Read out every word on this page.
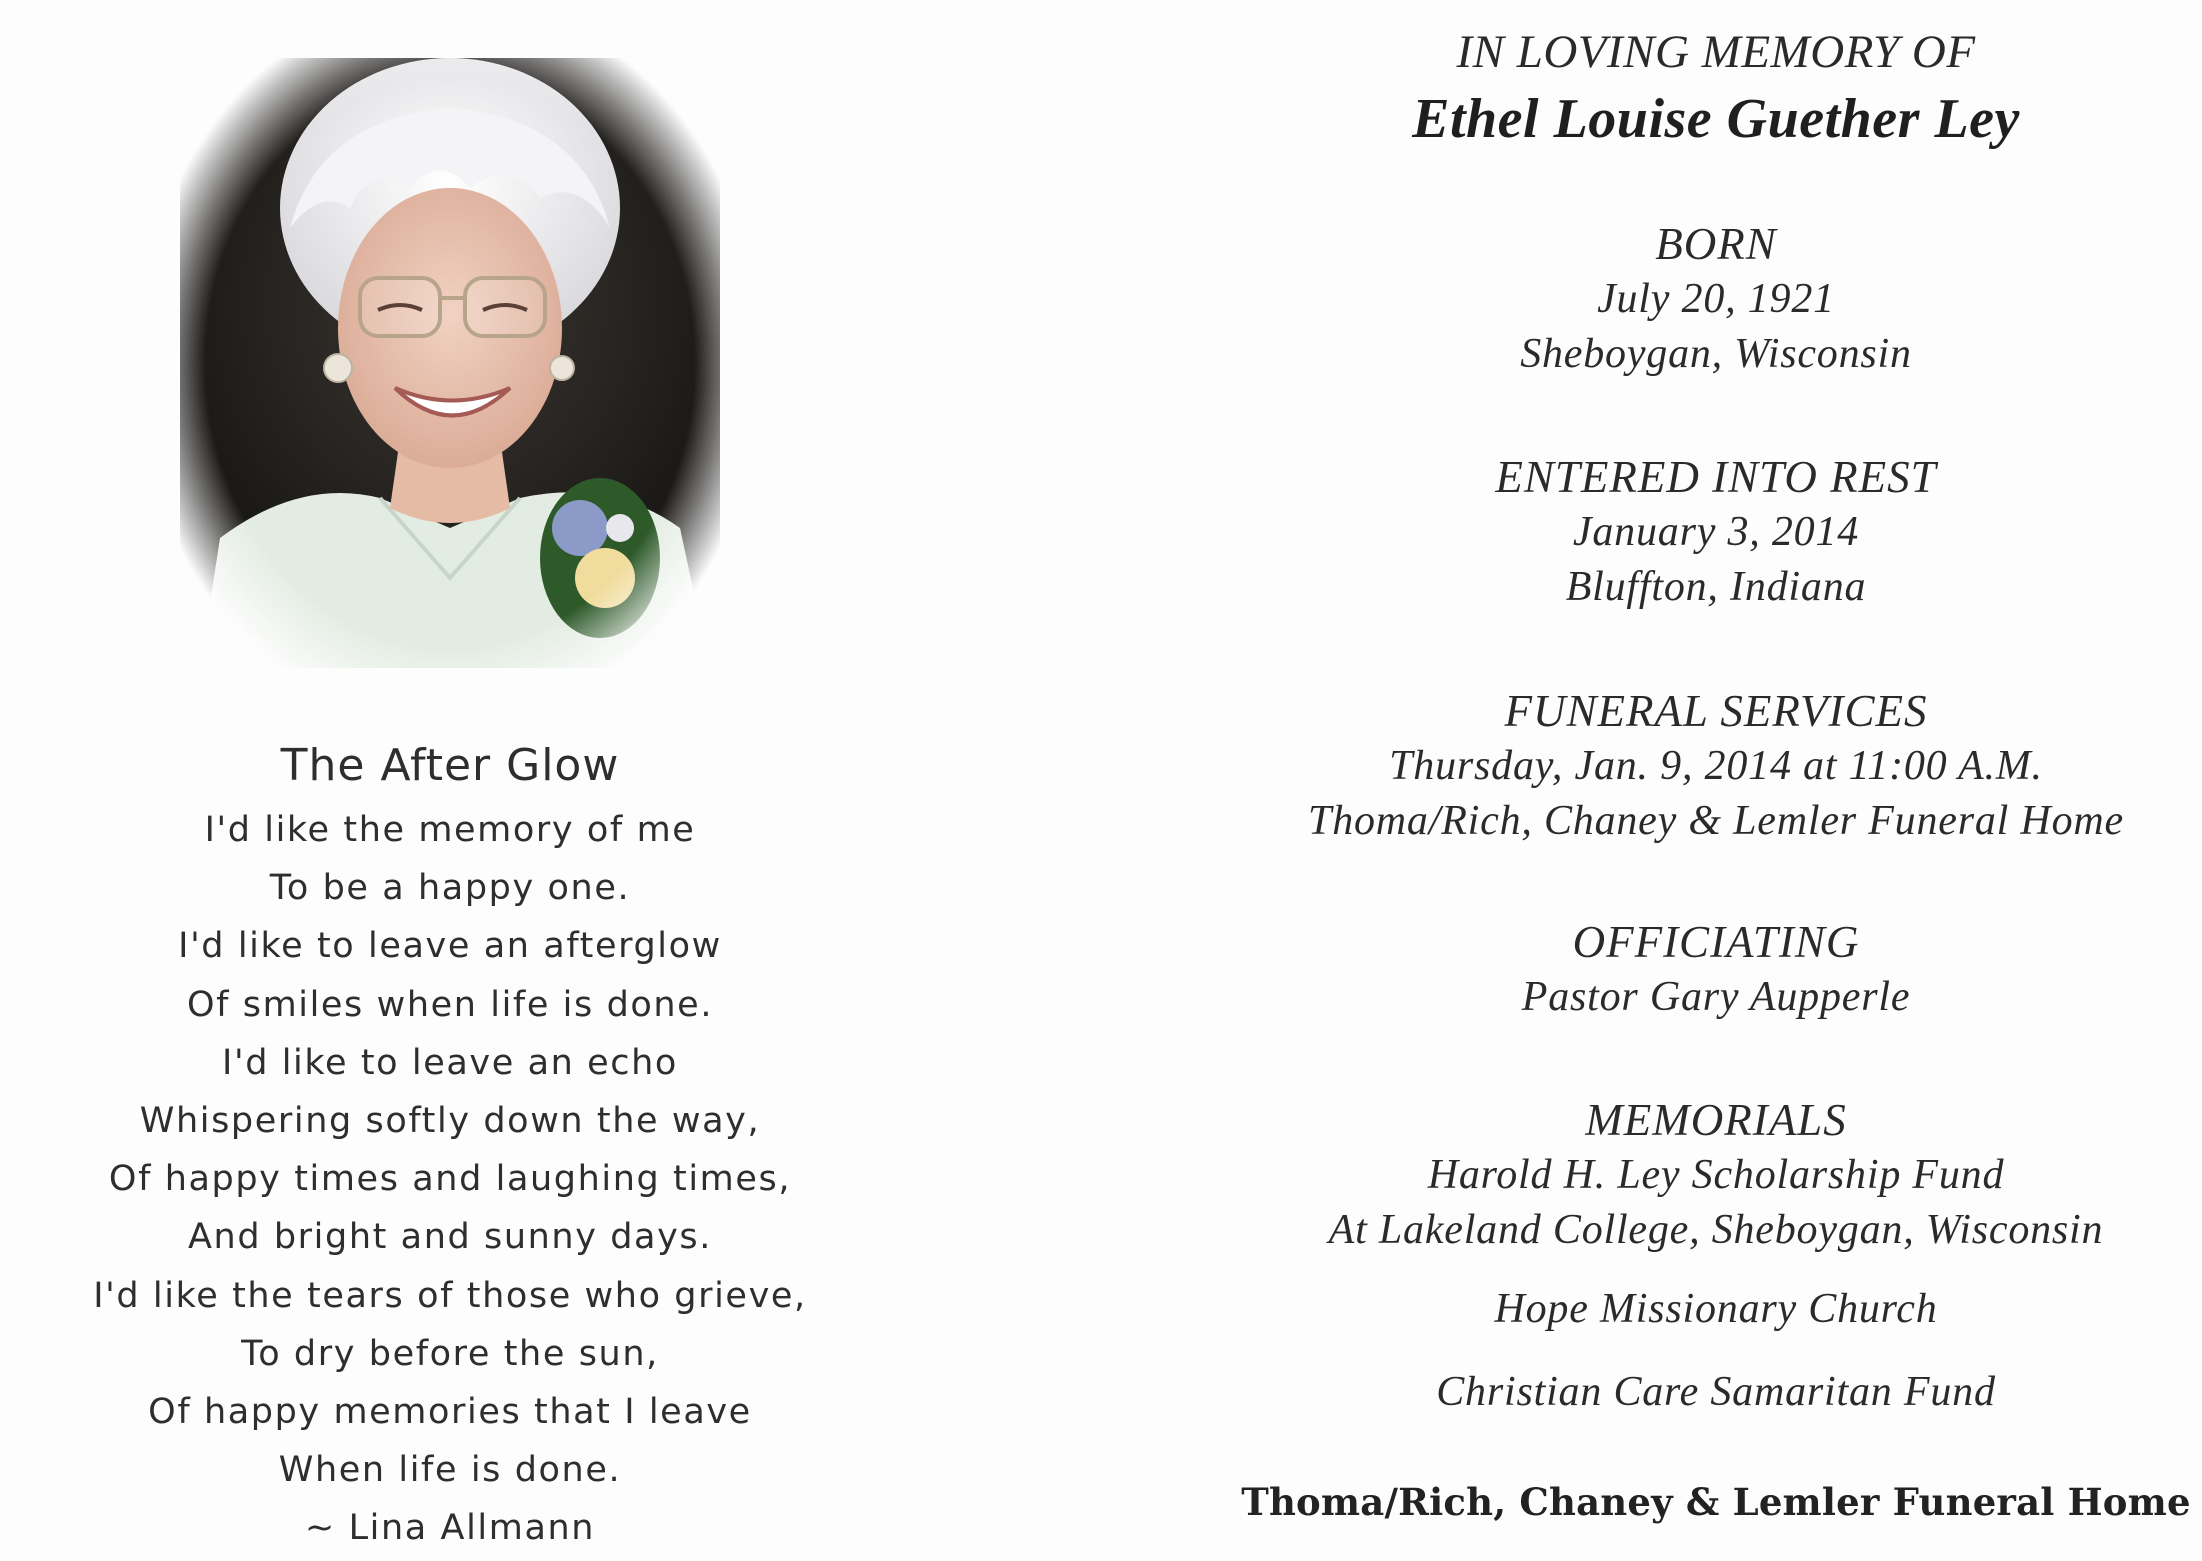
The After Glow
I'd like the memory of me
To be a happy one.
I'd like to leave an afterglow
Of smiles when life is done.
I'd like to leave an echo
Whispering softly down the way,
Of happy times and laughing times,
And bright and sunny days.
I'd like the tears of those who grieve,
To dry before the sun,
Of happy memories that I leave
When life is done.
~ Lina Allmann
IN LOVING MEMORY OF
Ethel Louise Guether Ley
BORN
July 20, 1921
Sheboygan, Wisconsin
ENTERED INTO REST
January 3, 2014
Bluffton, Indiana
FUNERAL SERVICES
Thursday, Jan. 9, 2014 at 11:00 A.M.
Thoma/Rich, Chaney & Lemler Funeral Home
OFFICIATING
Pastor Gary Aupperle
MEMORIALS
Harold H. Ley Scholarship Fund
At Lakeland College, Sheboygan, Wisconsin
Hope Missionary Church
Christian Care Samaritan Fund
Thoma/Rich, Chaney & Lemler Funeral Home
